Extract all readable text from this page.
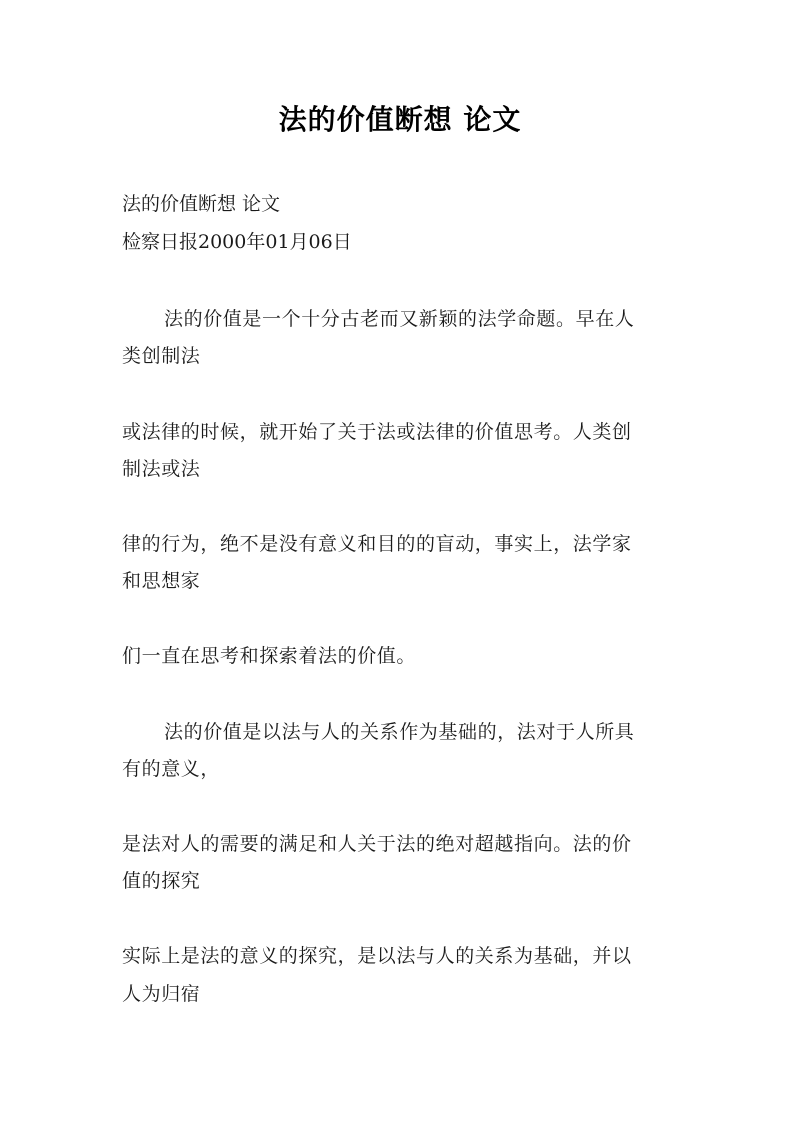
法的价值断想 论文
法的价值断想 论文
检察日报2000年01月06日
法的价值是一个十分古老而又新颖的法学命题。早在人
类创制法
或法律的时候，就开始了关于法或法律的价值思考。人类创
制法或法
律的行为，绝不是没有意义和目的的盲动，事实上，法学家
和思想家
们一直在思考和探索着法的价值。
法的价值是以法与人的关系作为基础的，法对于人所具
有的意义，
是法对人的需要的满足和人关于法的绝对超越指向。法的价
值的探究
实际上是法的意义的探究，是以法与人的关系为基础，并以
人为归宿
